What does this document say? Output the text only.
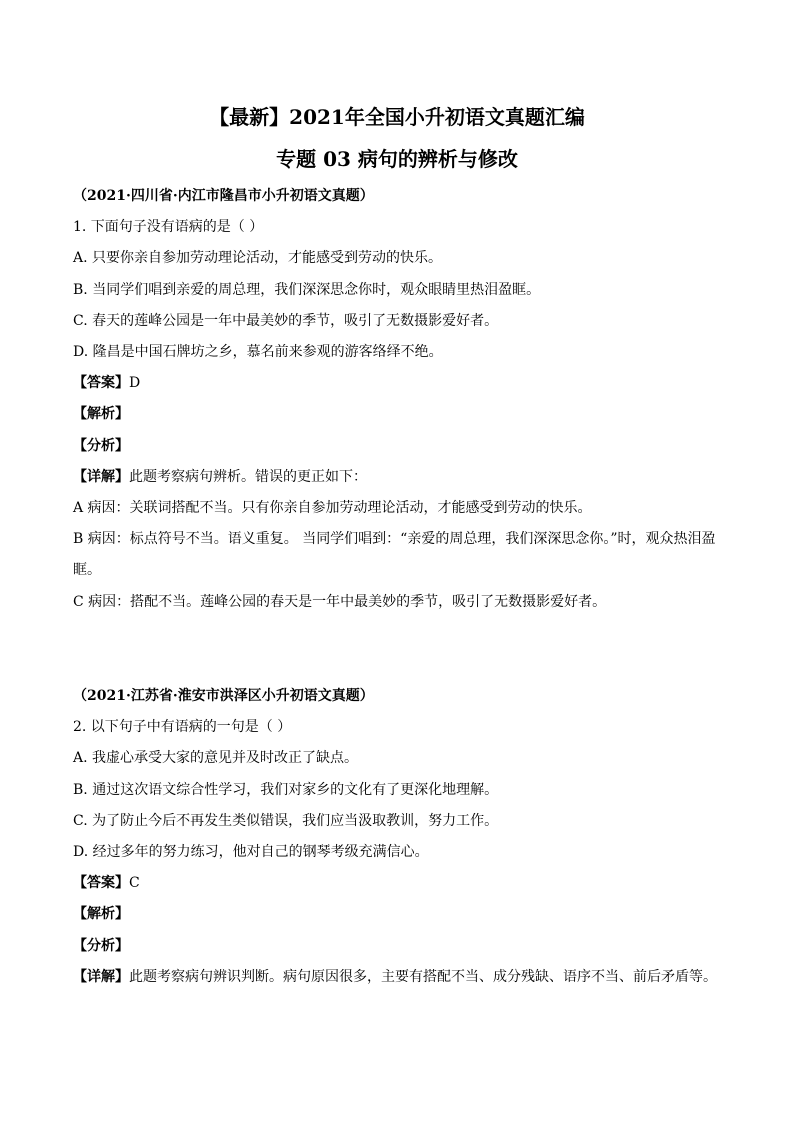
【最新】2021年全国小升初语文真题汇编
专题 03 病句的辨析与修改
（2021·四川省·内江市隆昌市小升初语文真题）
1. 下面句子没有语病的是（ ）
A. 只要你亲自参加劳动理论活动，才能感受到劳动的快乐。
B. 当同学们唱到亲爱的周总理，我们深深思念你时，观众眼睛里热泪盈眶。
C. 春天的莲峰公园是一年中最美妙的季节，吸引了无数摄影爱好者。
D. 隆昌是中国石牌坊之乡，慕名前来参观的游客络绎不绝。
【答案】D
【解析】
【分析】
【详解】此题考察病句辨析。错误的更正如下：
A 病因：关联词搭配不当。只有你亲自参加劳动理论活动，才能感受到劳动的快乐。
B 病因：标点符号不当。语义重复。 当同学们唱到：“亲爱的周总理，我们深深思念你。”时，观众热泪盈眶。
C 病因：搭配不当。莲峰公园的春天是一年中最美妙的季节，吸引了无数摄影爱好者。
（2021·江苏省·淮安市洪泽区小升初语文真题）
2. 以下句子中有语病的一句是（ ）
A. 我虚心承受大家的意见并及时改正了缺点。
B. 通过这次语文综合性学习，我们对家乡的文化有了更深化地理解。
C. 为了防止今后不再发生类似错误，我们应当汲取教训，努力工作。
D. 经过多年的努力练习，他对自己的钢琴考级充满信心。
【答案】C
【解析】
【分析】
【详解】此题考察病句辨识判断。病句原因很多，主要有搭配不当、成分残缺、语序不当、前后矛盾等。
